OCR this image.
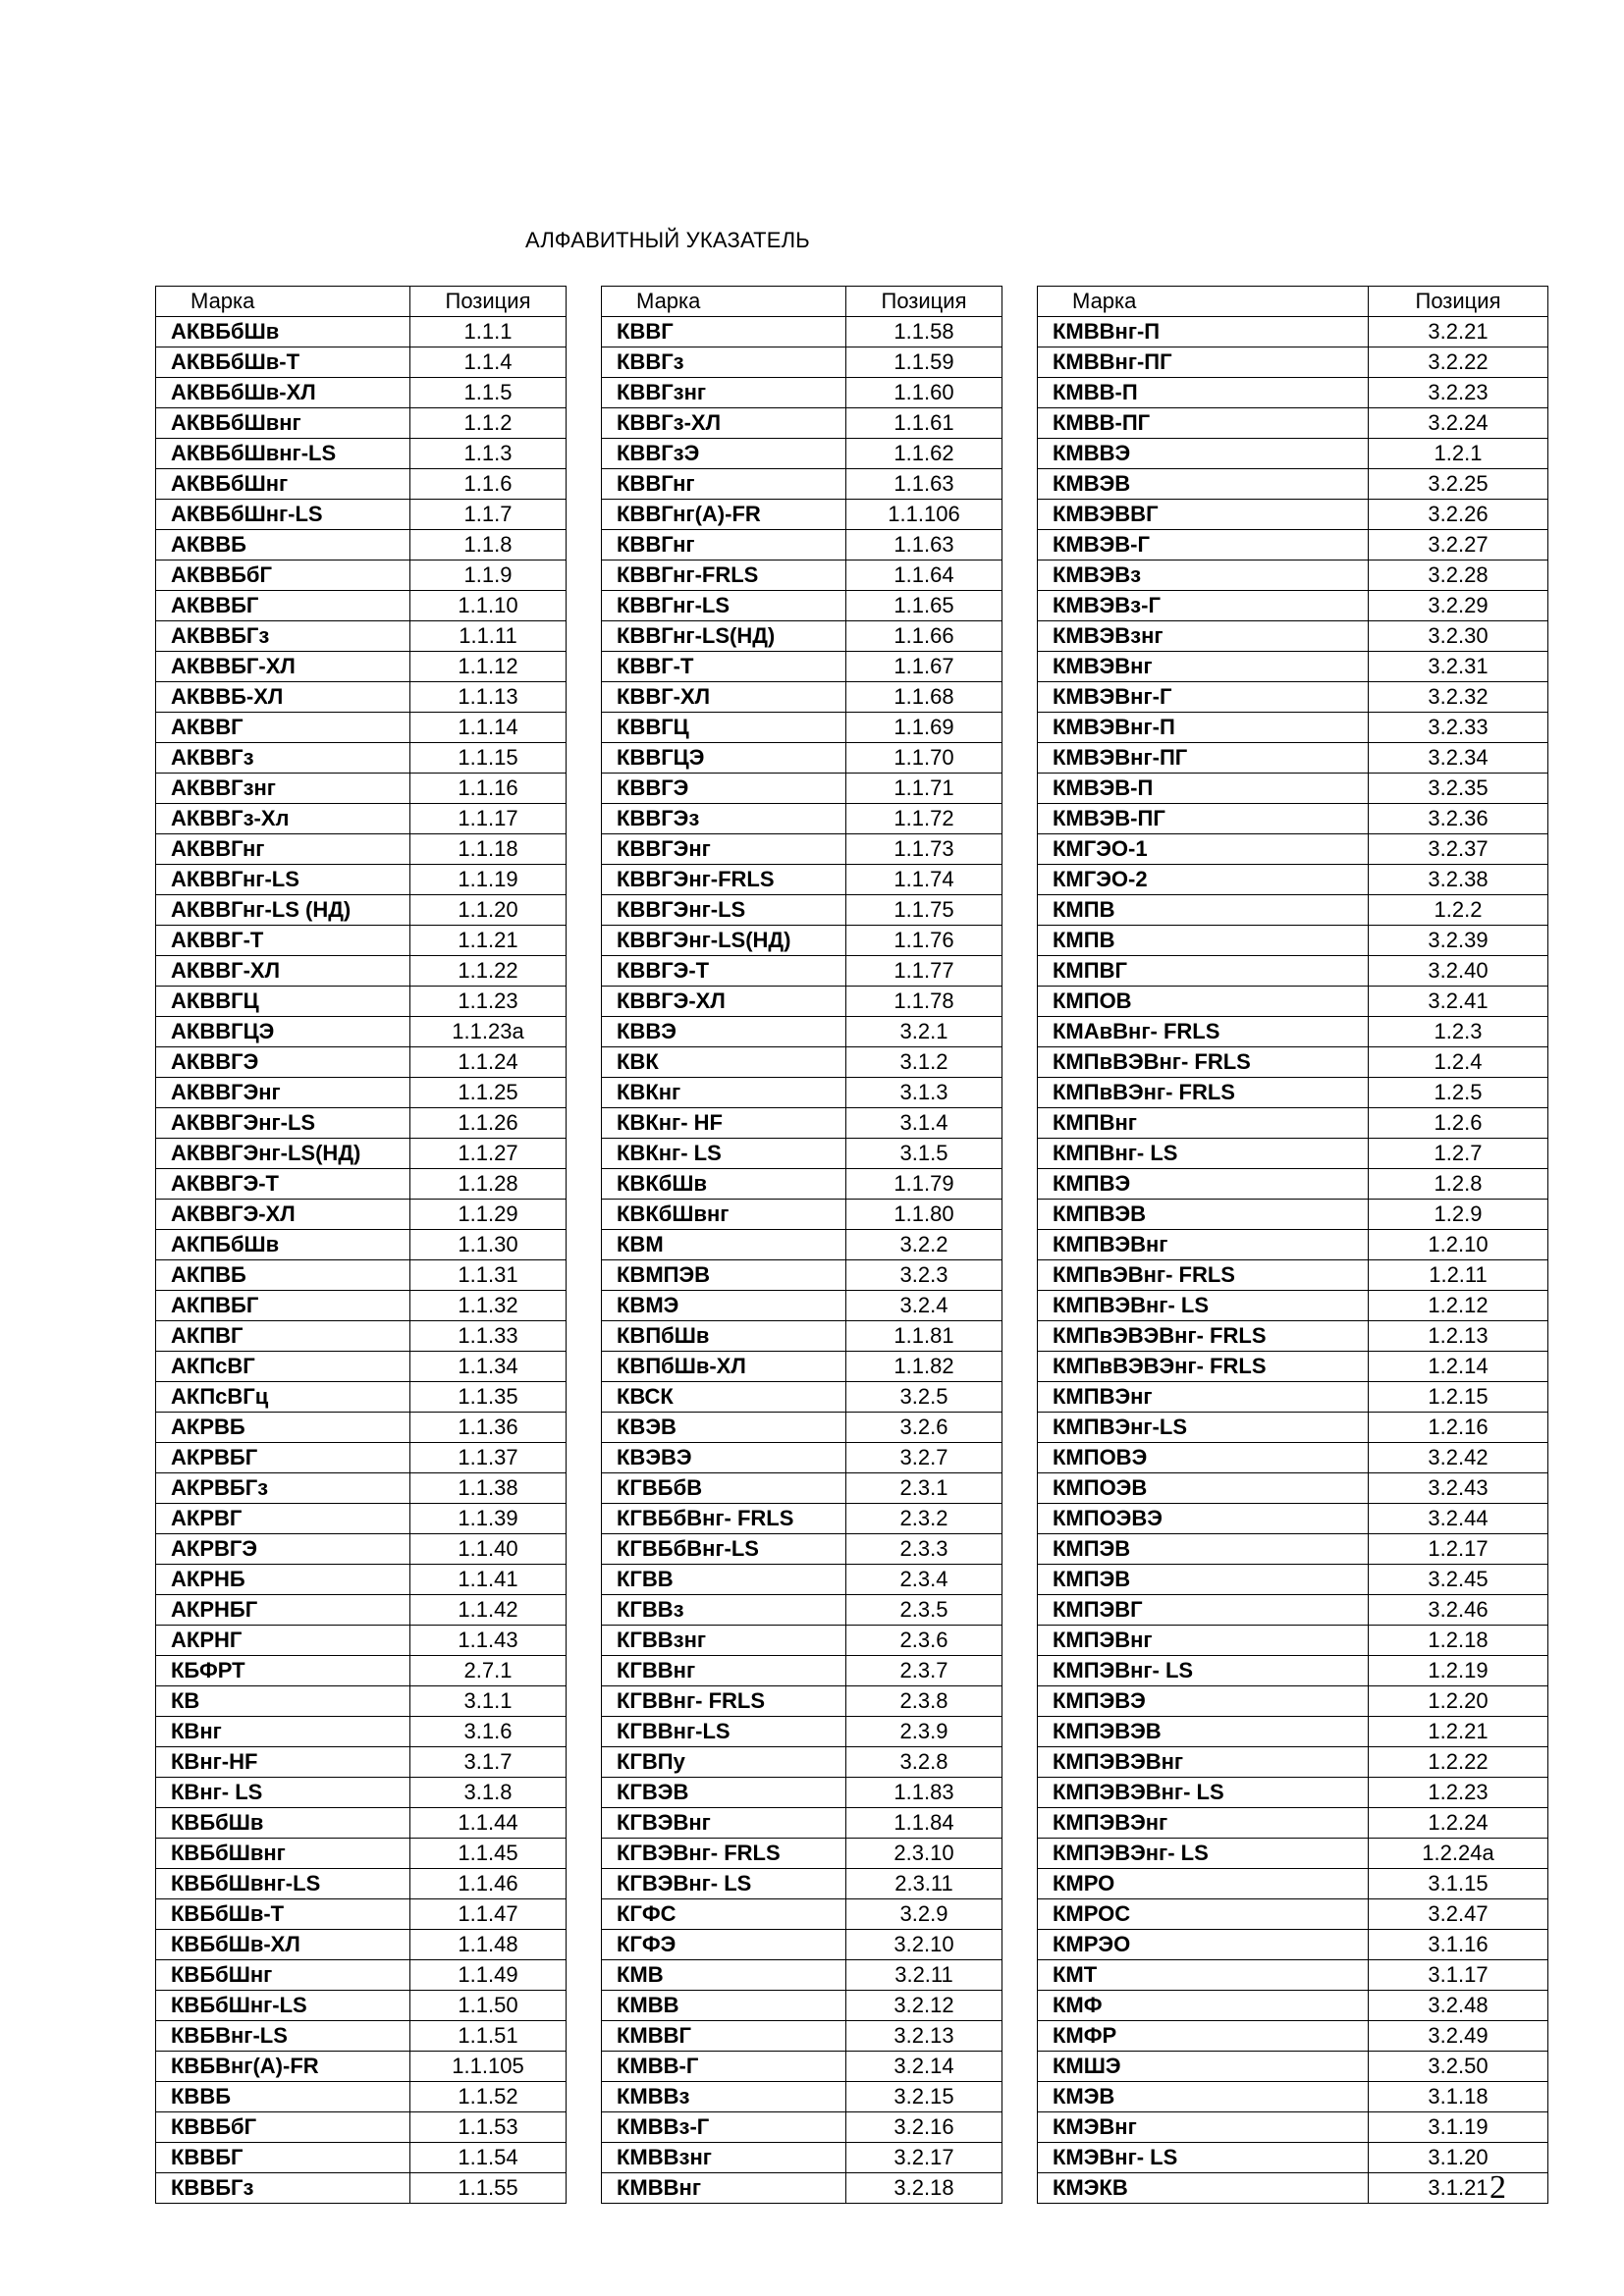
АЛФАВИТНЫЙ УКАЗАТЕЛЬ
Марка	Позиция		Марка	Позиция		Марка	Позиция
АКВБбШв	1.1.1		КВВГ	1.1.58		КМВВнг-П	3.2.21
АКВБбШв-Т	1.1.4		КВВГз	1.1.59		КМВВнг-ПГ	3.2.22
АКВБбШв-ХЛ	1.1.5		КВВГзнг	1.1.60		КМВВ-П	3.2.23
АКВБбШвнг	1.1.2		КВВГз-ХЛ	1.1.61		КМВВ-ПГ	3.2.24
АКВБбШвнг-LS	1.1.3		КВВГзЭ	1.1.62		КМВВЭ	1.2.1
АКВБбШнг	1.1.6		КВВГнг	1.1.63		КМВЭВ	3.2.25
АКВБбШнг-LS	1.1.7		КВВГнг(А)-FR	1.1.106		КМВЭВВГ	3.2.26
АКВВБ	1.1.8		КВВГнг	1.1.63		КМВЭВ-Г	3.2.27
АКВВБбГ	1.1.9		КВВГнг-FRLS	1.1.64		КМВЭВз	3.2.28
АКВВБГ	1.1.10		КВВГнг-LS	1.1.65		КМВЭВз-Г	3.2.29
АКВВБГз	1.1.11		КВВГнг-LS(НД)	1.1.66		КМВЭВзнг	3.2.30
АКВВБГ-ХЛ	1.1.12		КВВГ-Т	1.1.67		КМВЭВнг	3.2.31
АКВВБ-ХЛ	1.1.13		КВВГ-ХЛ	1.1.68		КМВЭВнг-Г	3.2.32
АКВВГ	1.1.14		КВВГЦ	1.1.69		КМВЭВнг-П	3.2.33
АКВВГз	1.1.15		КВВГЦЭ	1.1.70		КМВЭВнг-ПГ	3.2.34
АКВВГзнг	1.1.16		КВВГЭ	1.1.71		КМВЭВ-П	3.2.35
АКВВГз-Хл	1.1.17		КВВГЭз	1.1.72		КМВЭВ-ПГ	3.2.36
АКВВГнг	1.1.18		КВВГЭнг	1.1.73		КМГЭО-1	3.2.37
АКВВГнг-LS	1.1.19		КВВГЭнг-FRLS	1.1.74		КМГЭО-2	3.2.38
АКВВГнг-LS (НД)	1.1.20		КВВГЭнг-LS	1.1.75		КМПВ	1.2.2
АКВВГ-Т	1.1.21		КВВГЭнг-LS(НД)	1.1.76		КМПВ	3.2.39
АКВВГ-ХЛ	1.1.22		КВВГЭ-Т	1.1.77		КМПВГ	3.2.40
АКВВГЦ	1.1.23		КВВГЭ-ХЛ	1.1.78		КМПОВ	3.2.41
АКВВГЦЭ	1.1.23а		КВВЭ	3.2.1		КМАвВнг- FRLS	1.2.3
АКВВГЭ	1.1.24		КВК	3.1.2		КМПвВЭВнг- FRLS	1.2.4
АКВВГЭнг	1.1.25		КВКнг	3.1.3		КМПвВЭнг- FRLS	1.2.5
АКВВГЭнг-LS	1.1.26		КВКнг- HF	3.1.4		КМПВнг	1.2.6
АКВВГЭнг-LS(НД)	1.1.27		КВКнг- LS	3.1.5		КМПВнг- LS	1.2.7
АКВВГЭ-Т	1.1.28		КВКбШв	1.1.79		КМПВЭ	1.2.8
АКВВГЭ-ХЛ	1.1.29		КВКбШвнг	1.1.80		КМПВЭВ	1.2.9
АКПБбШв	1.1.30		КВМ	3.2.2		КМПВЭВнг	1.2.10
АКПВБ	1.1.31		КВМПЭВ	3.2.3		КМПвЭВнг- FRLS	1.2.11
АКПВБГ	1.1.32		КВМЭ	3.2.4		КМПВЭВнг- LS	1.2.12
АКПВГ	1.1.33		КВПбШв	1.1.81		КМПвЭВЭВнг- FRLS	1.2.13
АКПсВГ	1.1.34		КВПбШв-ХЛ	1.1.82		КМПвВЭВЭнг- FRLS	1.2.14
АКПсВГц	1.1.35		КВСК	3.2.5		КМПВЭнг	1.2.15
АКРВБ	1.1.36		КВЭВ	3.2.6		КМПВЭнг-LS	1.2.16
АКРВБГ	1.1.37		КВЭВЭ	3.2.7		КМПОВЭ	3.2.42
АКРВБГз	1.1.38		КГВБбВ	2.3.1		КМПОЭВ	3.2.43
АКРВГ	1.1.39		КГВБбВнг- FRLS	2.3.2		КМПОЭВЭ	3.2.44
АКРВГЭ	1.1.40		КГВБбВнг-LS	2.3.3		КМПЭВ	1.2.17
АКРНБ	1.1.41		КГВВ	2.3.4		КМПЭВ	3.2.45
АКРНБГ	1.1.42		КГВВз	2.3.5		КМПЭВГ	3.2.46
АКРНГ	1.1.43		КГВВзнг	2.3.6		КМПЭВнг	1.2.18
КБФРТ	2.7.1		КГВВнг	2.3.7		КМПЭВнг- LS	1.2.19
КВ	3.1.1		КГВВнг- FRLS	2.3.8		КМПЭВЭ	1.2.20
КВнг	3.1.6		КГВВнг-LS	2.3.9		КМПЭВЭВ	1.2.21
КВнг-HF	3.1.7		КГВПу	3.2.8		КМПЭВЭВнг	1.2.22
КВнг- LS	3.1.8		КГВЭВ	1.1.83		КМПЭВЭВнг- LS	1.2.23
КВБбШв	1.1.44		КГВЭВнг	1.1.84		КМПЭВЭнг	1.2.24
КВБбШвнг	1.1.45		КГВЭВнг- FRLS	2.3.10		КМПЭВЭнг- LS	1.2.24а
КВБбШвнг-LS	1.1.46		КГВЭВнг- LS	2.3.11		КМРО	3.1.15
КВБбШв-Т	1.1.47		КГФС	3.2.9		КМРОС	3.2.47
КВБбШв-ХЛ	1.1.48		КГФЭ	3.2.10		КМРЭО	3.1.16
КВБбШнг	1.1.49		КМВ	3.2.11		КМТ	3.1.17
КВБбШнг-LS	1.1.50		КМВВ	3.2.12		КМФ	3.2.48
КВБВнг-LS	1.1.51		КМВВГ	3.2.13		КМФР	3.2.49
КВБВнг(А)-FR	1.1.105		КМВВ-Г	3.2.14		КМШЭ	3.2.50
КВВБ	1.1.52		КМВВз	3.2.15		КМЭВ	3.1.18
КВВБбГ	1.1.53		КМВВз-Г	3.2.16		КМЭВнг	3.1.19
КВВБГ	1.1.54		КМВВзнг	3.2.17		КМЭВнг- LS	3.1.20
КВВБГз	1.1.55		КМВВнг	3.2.18		КМЭКВ	3.1.21 2
